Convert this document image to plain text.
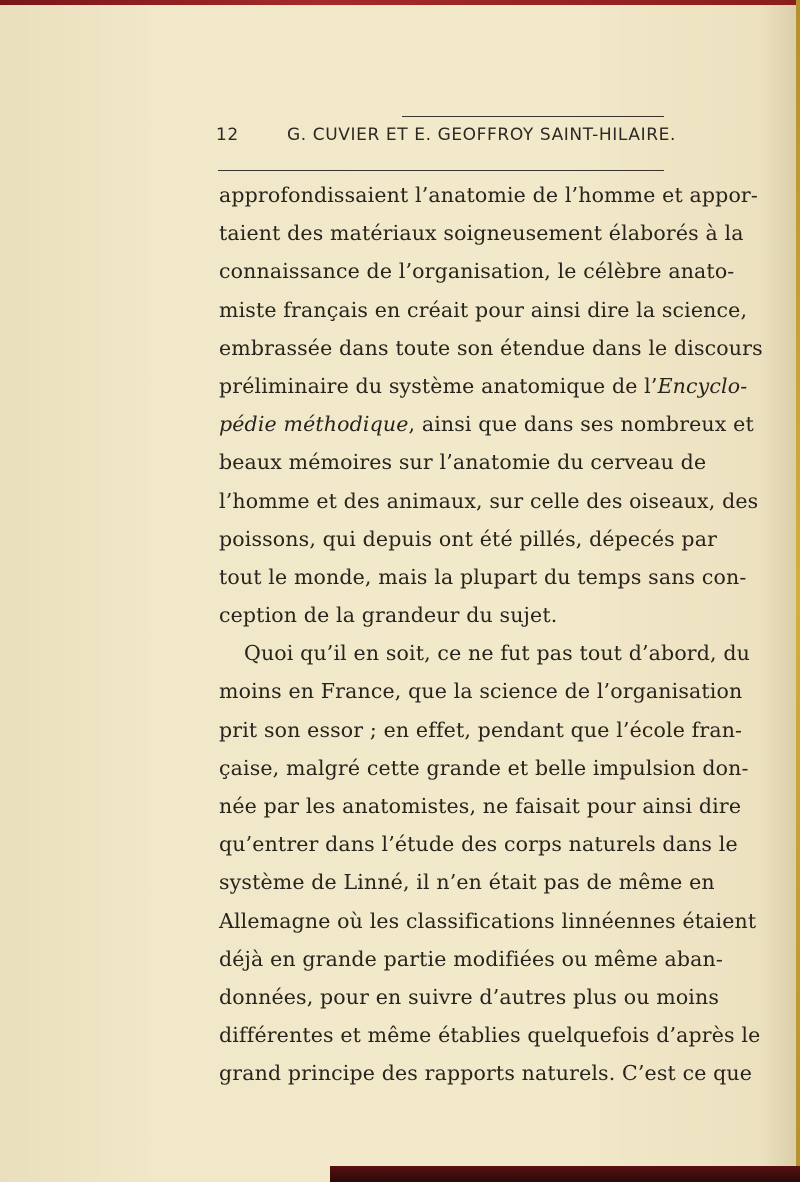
12	G. CUVIER ET E. GEOFFROY SAINT-HILAIRE.
approfondissaient l’anatomie de l’homme et appor-
taient des matériaux soigneusement élaborés à la
connaissance de l’organisation, le célèbre anato-
miste français en créait pour ainsi dire la science,
embrassée dans toute son étendue dans le discours
préliminaire du système anatomique de l’Encyclo-
pédie méthodique, ainsi que dans ses nombreux et
beaux mémoires sur l’anatomie du cerveau de
l’homme et des animaux, sur celle des oiseaux, des
poissons, qui depuis ont été pillés, dépecés par
tout le monde, mais la plupart du temps sans con-
ception de la grandeur du sujet.
Quoi qu’il en soit, ce ne fut pas tout d’abord, du
moins en France, que la science de l’organisation
prit son essor ; en effet, pendant que l’école fran-
çaise, malgré cette grande et belle impulsion don-
née par les anatomistes, ne faisait pour ainsi dire
qu’entrer dans l’étude des corps naturels dans le
système de Linné, il n’en était pas de même en
Allemagne où les classifications linnéennes étaient
déjà en grande partie modifiées ou même aban-
données, pour en suivre d’autres plus ou moins
différentes et même établies quelquefois d’après le
grand principe des rapports naturels. C’est ce que
